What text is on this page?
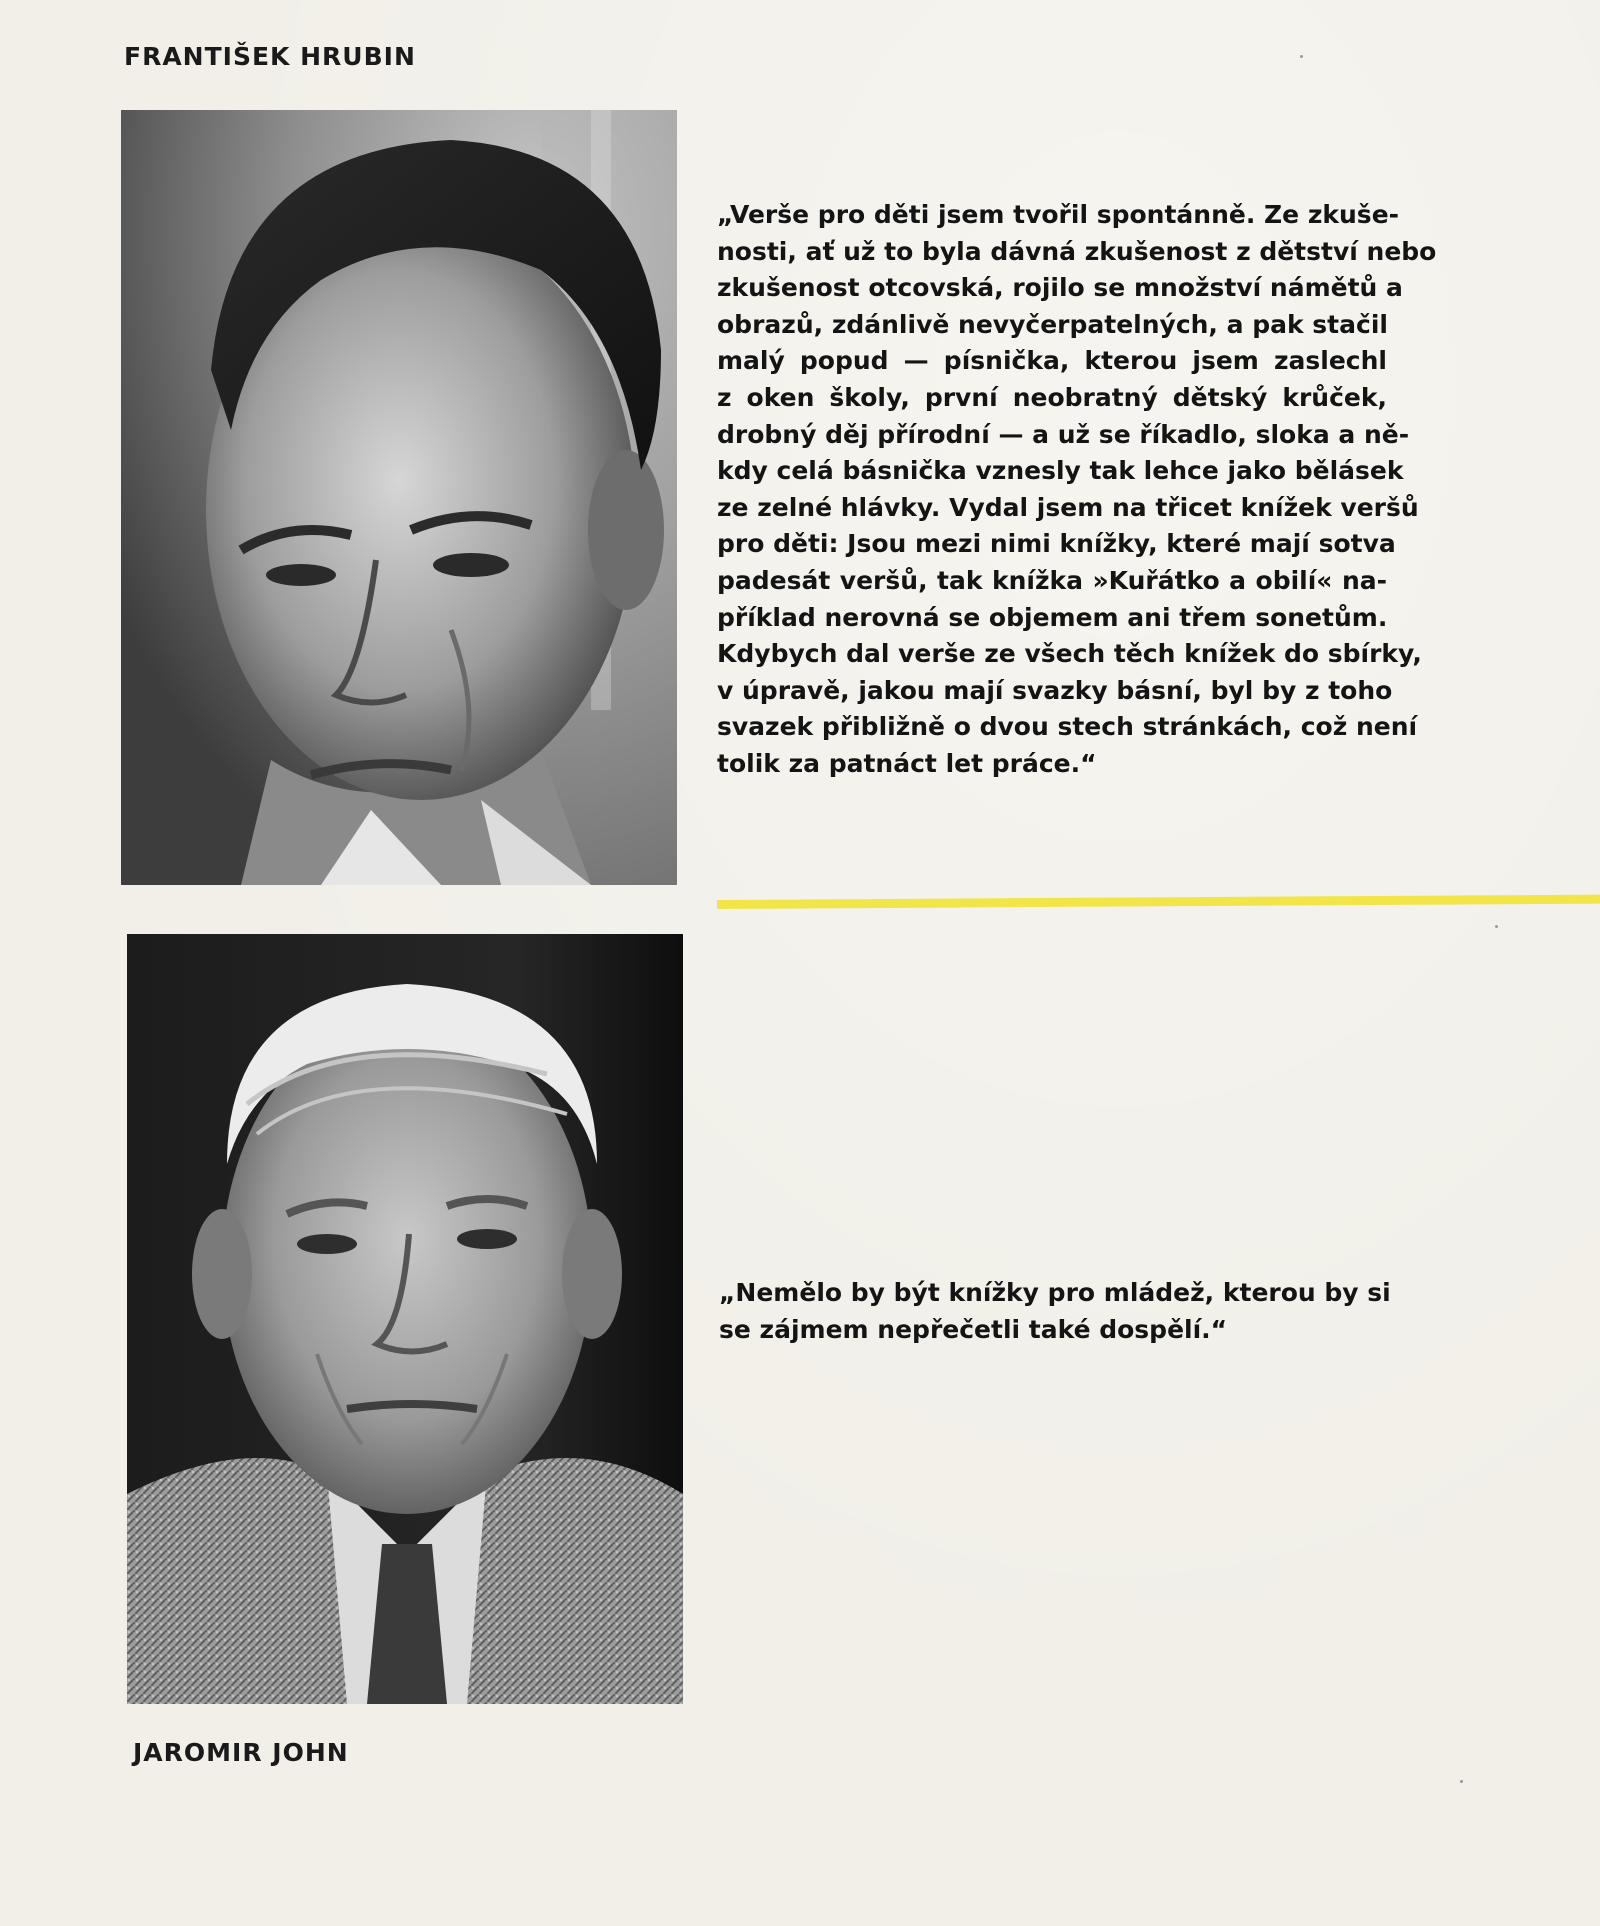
FRANTIŠEK HRUBIN
„Verše pro děti jsem tvořil spontánně. Ze zkuše-
nosti, ať už to byla dávná zkušenost z dětství nebo
zkušenost otcovská, rojilo se množství námětů a
obrazů, zdánlivě nevyčerpatelných, a pak stačil
malý popud — písnička, kterou jsem zaslechl
z oken školy, první neobratný dětský krůček,
drobný děj přírodní — a už se říkadlo, sloka a ně-
kdy celá básnička vznesly tak lehce jako bělásek
ze zelné hlávky. Vydal jsem na třicet knížek veršů
pro děti: Jsou mezi nimi knížky, které mají sotva
padesát veršů, tak knížka »Kuřátko a obilí« na-
příklad nerovná se objemem ani třem sonetům.
Kdybych dal verše ze všech těch knížek do sbírky,
v úpravě, jakou mají svazky básní, byl by z toho
svazek přibližně o dvou stech stránkách, což není
tolik za patnáct let práce.“
„Nemělo by být knížky pro mládež, kterou by si
se zájmem nepřečetli také dospělí.“
JAROMIR JOHN
